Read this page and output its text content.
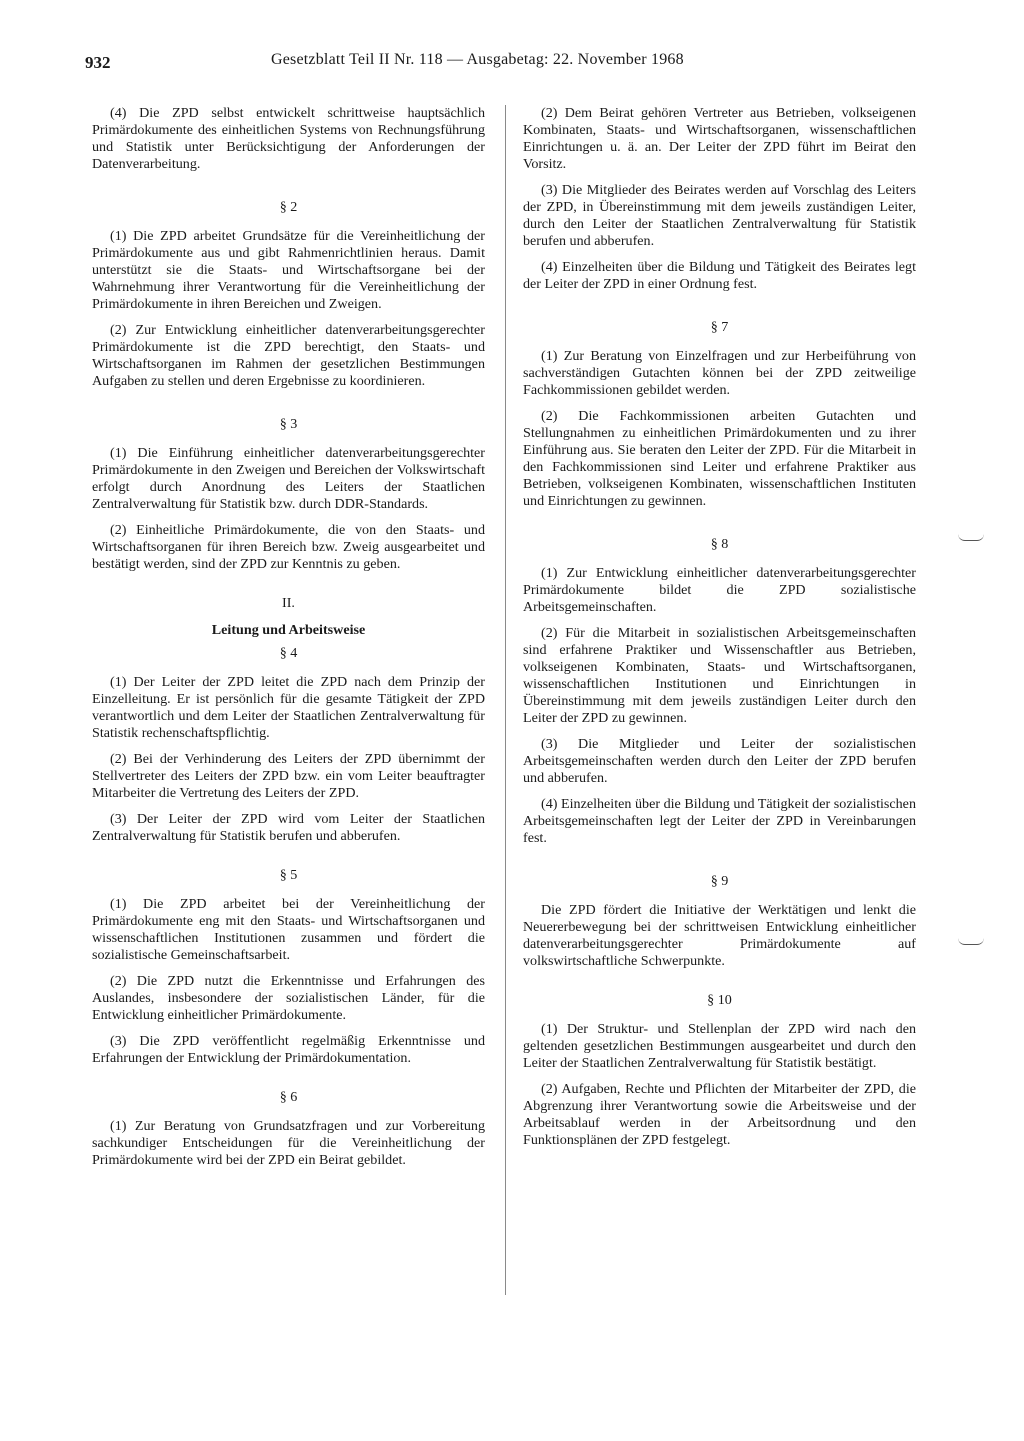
932	Gesetzblatt Teil II Nr. 118 — Ausgabetag: 22. November 1968

(4) Die ZPD selbst entwickelt schrittweise hauptsächlich Primärdokumente des einheitlichen Systems von Rechnungsführung und Statistik unter Berücksichtigung der Anforderungen der Datenverarbeitung.

§ 2

(1) Die ZPD arbeitet Grundsätze für die Vereinheitlichung der Primärdokumente aus und gibt Rahmenrichtlinien heraus. Damit unterstützt sie die Staats- und Wirtschaftsorgane bei der Wahrnehmung ihrer Verantwortung für die Vereinheitlichung der Primärdokumente in ihren Bereichen und Zweigen.

(2) Zur Entwicklung einheitlicher datenverarbeitungsgerechter Primärdokumente ist die ZPD berechtigt, den Staats- und Wirtschaftsorganen im Rahmen der gesetzlichen Bestimmungen Aufgaben zu stellen und deren Ergebnisse zu koordinieren.

§ 3

(1) Die Einführung einheitlicher datenverarbeitungsgerechter Primärdokumente in den Zweigen und Bereichen der Volkswirtschaft erfolgt durch Anordnung des Leiters der Staatlichen Zentralverwaltung für Statistik bzw. durch DDR-Standards.

(2) Einheitliche Primärdokumente, die von den Staats- und Wirtschaftsorganen für ihren Bereich bzw. Zweig ausgearbeitet und bestätigt werden, sind der ZPD zur Kenntnis zu geben.

II.
Leitung und Arbeitsweise
§ 4

(1) Der Leiter der ZPD leitet die ZPD nach dem Prinzip der Einzelleitung. Er ist persönlich für die gesamte Tätigkeit der ZPD verantwortlich und dem Leiter der Staatlichen Zentralverwaltung für Statistik rechenschaftspflichtig.

(2) Bei der Verhinderung des Leiters der ZPD übernimmt der Stellvertreter des Leiters der ZPD bzw. ein vom Leiter beauftragter Mitarbeiter die Vertretung des Leiters der ZPD.

(3) Der Leiter der ZPD wird vom Leiter der Staatlichen Zentralverwaltung für Statistik berufen und abberufen.

§ 5

(1) Die ZPD arbeitet bei der Vereinheitlichung der Primärdokumente eng mit den Staats- und Wirtschaftsorganen und wissenschaftlichen Institutionen zusammen und fördert die sozialistische Gemeinschaftsarbeit.

(2) Die ZPD nutzt die Erkenntnisse und Erfahrungen des Auslandes, insbesondere der sozialistischen Länder, für die Entwicklung einheitlicher Primärdokumente.

(3) Die ZPD veröffentlicht regelmäßig Erkenntnisse und Erfahrungen der Entwicklung der Primärdokumentation.

§ 6

(1) Zur Beratung von Grundsatzfragen und zur Vorbereitung sachkundiger Entscheidungen für die Vereinheitlichung der Primärdokumente wird bei der ZPD ein Beirat gebildet.

(2) Dem Beirat gehören Vertreter aus Betrieben, volkseigenen Kombinaten, Staats- und Wirtschaftsorganen, wissenschaftlichen Einrichtungen u. ä. an. Der Leiter der ZPD führt im Beirat den Vorsitz.

(3) Die Mitglieder des Beirates werden auf Vorschlag des Leiters der ZPD, in Übereinstimmung mit dem jeweils zuständigen Leiter, durch den Leiter der Staatlichen Zentralverwaltung für Statistik berufen und abberufen.

(4) Einzelheiten über die Bildung und Tätigkeit des Beirates legt der Leiter der ZPD in einer Ordnung fest.

§ 7

(1) Zur Beratung von Einzelfragen und zur Herbeiführung von sachverständigen Gutachten können bei der ZPD zeitweilige Fachkommissionen gebildet werden.

(2) Die Fachkommissionen arbeiten Gutachten und Stellungnahmen zu einheitlichen Primärdokumenten und zu ihrer Einführung aus. Sie beraten den Leiter der ZPD. Für die Mitarbeit in den Fachkommissionen sind Leiter und erfahrene Praktiker aus Betrieben, volkseigenen Kombinaten, wissenschaftlichen Instituten und Einrichtungen zu gewinnen.

§ 8

(1) Zur Entwicklung einheitlicher datenverarbeitungsgerechter Primärdokumente bildet die ZPD sozialistische Arbeitsgemeinschaften.

(2) Für die Mitarbeit in sozialistischen Arbeitsgemeinschaften sind erfahrene Praktiker und Wissenschaftler aus Betrieben, volkseigenen Kombinaten, Staats- und Wirtschaftsorganen, wissenschaftlichen Institutionen und Einrichtungen in Übereinstimmung mit dem jeweils zuständigen Leiter durch den Leiter der ZPD zu gewinnen.

(3) Die Mitglieder und Leiter der sozialistischen Arbeitsgemeinschaften werden durch den Leiter der ZPD berufen und abberufen.

(4) Einzelheiten über die Bildung und Tätigkeit der sozialistischen Arbeitsgemeinschaften legt der Leiter der ZPD in Vereinbarungen fest.

§ 9

Die ZPD fördert die Initiative der Werktätigen und lenkt die Neuererbewegung bei der schrittweisen Entwicklung einheitlicher datenverarbeitungsgerechter Primärdokumente auf volkswirtschaftliche Schwerpunkte.

§ 10

(1) Der Struktur- und Stellenplan der ZPD wird nach den geltenden gesetzlichen Bestimmungen ausgearbeitet und durch den Leiter der Staatlichen Zentralverwaltung für Statistik bestätigt.

(2) Aufgaben, Rechte und Pflichten der Mitarbeiter der ZPD, die Abgrenzung ihrer Verantwortung sowie die Arbeitsweise und der Arbeitsablauf werden in der Arbeitsordnung und den Funktionsplänen der ZPD festgelegt.
